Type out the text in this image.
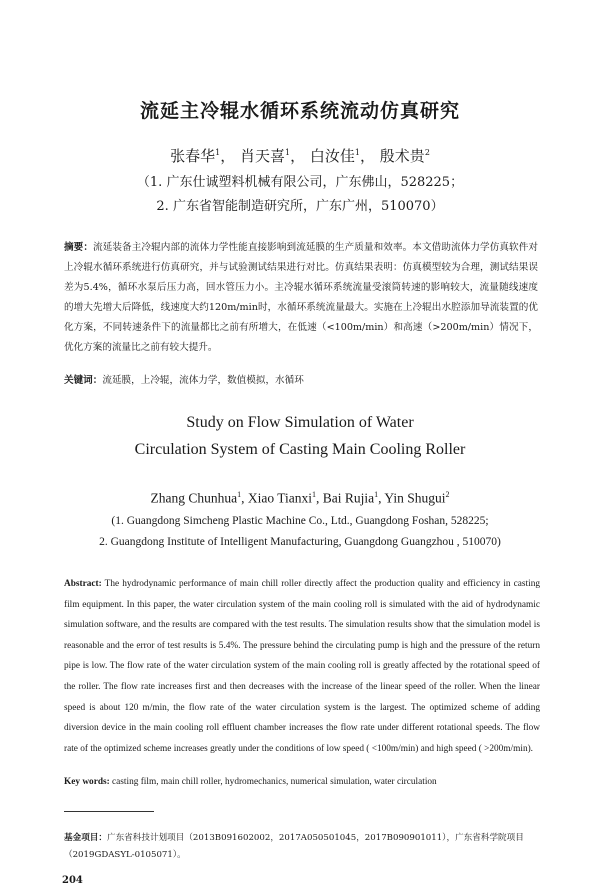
流延主冷辊水循环系统流动仿真研究
张春华$^1$， 肖天喜$^1$， 白汝佳$^1$， 殷术贵$^2$
（1. 广东仕诚塑料机械有限公司，广东佛山，528225；
2. 广东省智能制造研究所，广东广州，510070）
摘要：流延装备主冷辊内部的流体力学性能直接影响到流延膜的生产质量和效率。本文借助流体力学仿真软件对上冷辊水循环系统进行仿真研究，并与试验测试结果进行对比。仿真结果表明：仿真模型较为合理，测试结果误差为5.4%，循环水泵后压力高，回水管压力小。主冷辊水循环系统流量受滚筒转速的影响较大，流量随线速度的增大先增大后降低，线速度大约120m/min时，水循环系统流量最大。实施在上冷辊出水腔添加导流装置的优化方案，不同转速条件下的流量都比之前有所增大，在低速（<100m/min）和高速（>200m/min）情况下，优化方案的流量比之前有较大提升。
关键词：流延膜，上冷辊，流体力学，数值模拟，水循环
Study on Flow Simulation of Water
Circulation System of Casting Main Cooling Roller
Zhang Chunhua$^1$, Xiao Tianxi$^1$, Bai Rujia$^1$, Yin Shugui$^2$
(1. Guangdong Simcheng Plastic Machine Co., Ltd., Guangdong Foshan, 528225;
2. Guangdong Institute of Intelligent Manufacturing, Guangdong Guangzhou , 510070)
Abstract: The hydrodynamic performance of main chill roller directly affect the production quality and efficiency in casting film equipment. In this paper, the water circulation system of the main cooling roll is simulated with the aid of hydrodynamic simulation software, and the results are compared with the test results. The simulation results show that the simulation model is reasonable and the error of test results is 5.4%. The pressure behind the circulating pump is high and the pressure of the return pipe is low. The flow rate of the water circulation system of the main cooling roll is greatly affected by the rotational speed of the roller. The flow rate increases first and then decreases with the increase of the linear speed of the roller. When the linear speed is about 120 m/min, the flow rate of the water circulation system is the largest. The optimized scheme of adding diversion device in the main cooling roll effluent chamber increases the flow rate under different rotational speeds. The flow rate of the optimized scheme increases greatly under the conditions of low speed ( <100m/min) and high speed ( >200m/min).
Key words: casting film, main chill roller, hydromechanics, numerical simulation, water circulation
基金项目：广东省科技计划项目（2013B091602002，2017A050501045，2017B090901011），广东省科学院项目（2019GDASYL-0105071）。
204
